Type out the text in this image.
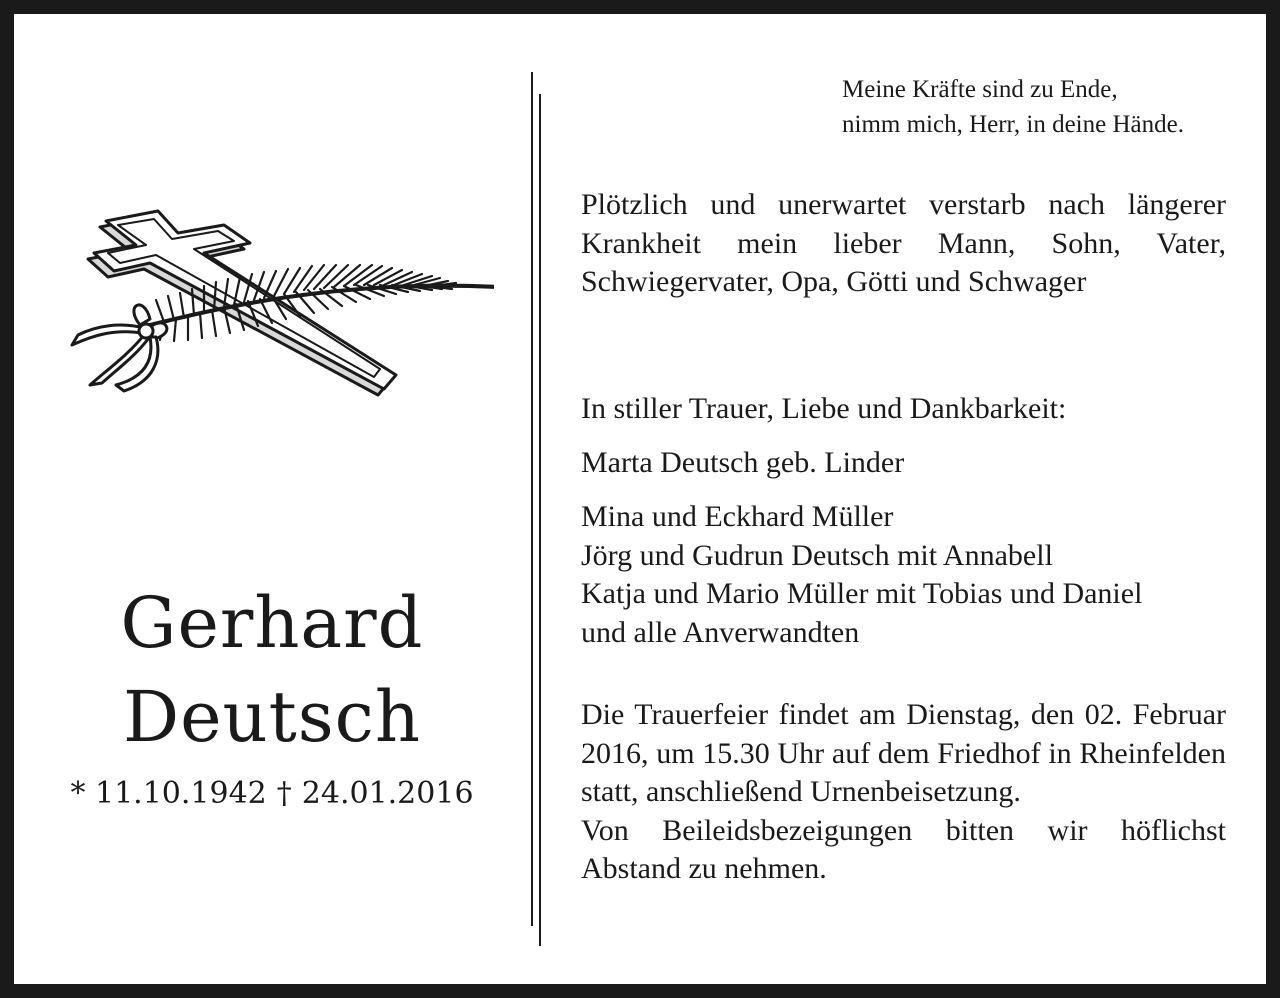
Gerhard
Deutsch
* 11.10.1942 † 24.01.2016
Meine Kräfte sind zu Ende,
nimm mich, Herr, in deine Hände.
Plötzlich und unerwartet verstarb nach längerer Krankheit mein lieber Mann, Sohn, Vater, Schwiegervater, Opa, Götti und Schwager
In stiller Trauer, Liebe und Dankbarkeit:
Marta Deutsch geb. Linder
Mina und Eckhard Müller
Jörg und Gudrun Deutsch mit Annabell
Katja und Mario Müller mit Tobias und Daniel
und alle Anverwandten
Die Trauerfeier findet am Dienstag, den 02. Februar 2016, um 15.30 Uhr auf dem Friedhof in Rheinfelden statt, anschließend Urnenbeisetzung.
Von Beileidsbezeigungen bitten wir höflichst Abstand zu nehmen.
